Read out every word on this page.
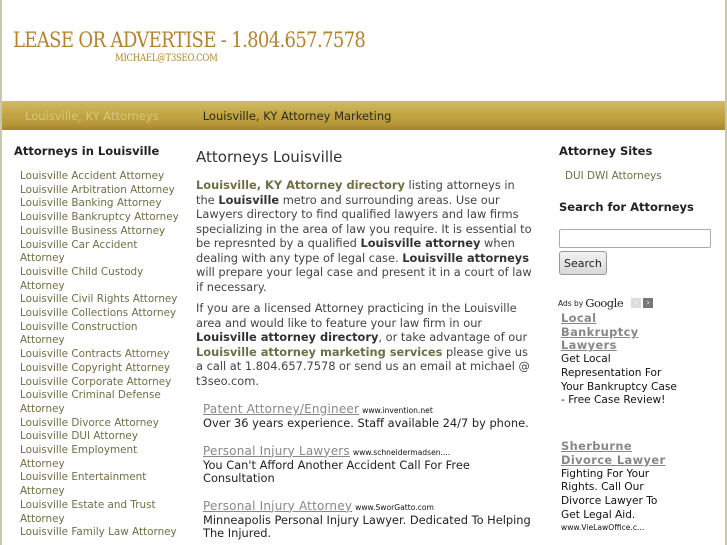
LEASE OR ADVERTISE - 1.804.657.7578
MICHAEL@T3SEO.COM
Louisville, KY Attorneys	Louisville, KY Attorney Marketing
Attorneys in Louisville
Louisville Accident Attorney
Louisville Arbitration Attorney
Louisville Banking Attorney
Louisville Bankruptcy Attorney
Louisville Business Attorney
Louisville Car Accident Attorney
Louisville Child Custody Attorney
Louisville Civil Rights Attorney
Louisville Collections Attorney
Louisville Construction Attorney
Louisville Contracts Attorney
Louisville Copyright Attorney
Louisville Corporate Attorney
Louisville Criminal Defense Attorney
Louisville Divorce Attorney
Louisville DUI Attorney
Louisville Employment Attorney
Louisville Entertainment Attorney
Louisville Estate and Trust Attorney
Louisville Family Law Attorney
Attorneys Louisville

Louisville, KY Attorney directory listing attorneys in the Louisville metro and surrounding areas. Use our Lawyers directory to find qualified lawyers and law firms specializing in the area of law you require. It is essential to be represnted by a qualified Louisville attorney when dealing with any type of legal case. Louisville attorneys will prepare your legal case and present it in a court of law if necessary.

If you are a licensed Attorney practicing in the Louisville area and would like to feature your law firm in our Louisville attorney directory, or take advantage of our Louisville attorney marketing services please give us a call at 1.804.657.7578 or send us an email at michael @ t3seo.com.

Patent Attorney/Engineer www.invention.net
Over 36 years experience. Staff available 24/7 by phone.
Personal Injury Lawyers www.schneidermadsen....
You Can't Afford Another Accident Call For Free Consultation
Personal Injury Attorney www.SworGatto.com
Minneapolis Personal Injury Lawyer. Dedicated To Helping The Injured.
Attorney Sites
DUI DWI Attorneys
Search for Attorneys
Search
Ads by Google	‹	›
Local Bankruptcy Lawyers
Get Local Representation For Your Bankruptcy Case - Free Case Review!
Sherburne Divorce Lawyer
Fighting For Your Rights. Call Our Divorce Lawyer To Get Legal Aid.
www.VieLawOffice.c...
